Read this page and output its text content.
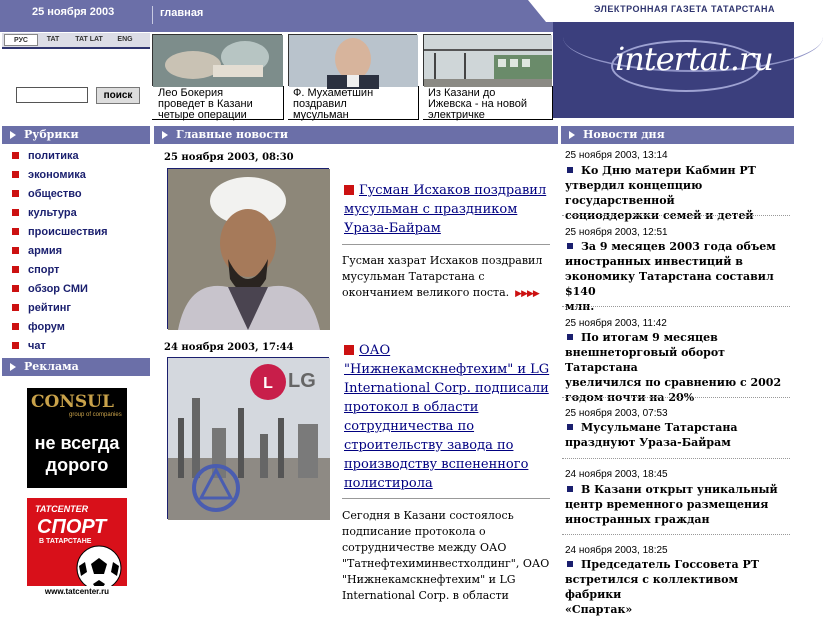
25 ноября 2003	главная	ЭЛЕКТРОННАЯ ГАЗЕТА ТАТАРСТАНА
РУС	TAT	TAT LAT	ENG
поиск	Лео Бокерия
проведет в Казани
четыре операции
Ф. Мухаметшин
поздравил
мусульман
Из Казани до
Ижевска - на новой
электричке
intertat.ru
Рубрики	Главные новости	Новости дня
политика
экономика
общество
культура
происшествия
армия
спорт
обзор СМИ
рейтинг
форум
чат
Реклама
CONSUL
group of companies
не всегда
дорого
TATCENTER
СПОРТ
В ТАТАРСТАНЕ
www.tatcenter.ru
25 ноября 2003, 08:30
Гусман Исхаков поздравил
мусульман с праздником
Ураза-Байрам
Гусман хазрат Исхаков поздравил
мусульман Татарстана с
окончанием великого поста. ▶▶▶▶
24 ноября 2003, 17:44
L LG
ОАО
"Нижнекамскнефтехим" и LG
International Corp. подписали
протокол в области
сотрудничества по
строительству завода по
производству вспененного
полистирола
Сегодня в Казани состоялось
подписание протокола о
сотрудничестве между ОАО
"Татнефтехиминвестхолдинг", ОАО
"Нижнекамскнефтехим" и LG
International Corp. в области
25 ноября 2003, 13:14
Ко Дню матери Кабмин РТ
утвердил концепцию государственной
социоддержки семей и детей
25 ноября 2003, 12:51
За 9 месяцев 2003 года объем
иностранных инвестиций в
экономику Татарстана составил $140
млн.
25 ноября 2003, 11:42
По итогам 9 месяцев
внешнеторговый оборот Татарстана
увеличился по сравнению с 2002
годом почти на 20%
25 ноября 2003, 07:53
Мусульмане Татарстана
празднуют Ураза-Байрам
24 ноября 2003, 18:45
В Казани открыт уникальный
центр временного размещения
иностранных граждан
24 ноября 2003, 18:25
Председатель Госсовета РТ
встретился с коллективом фабрики
«Спартак»
